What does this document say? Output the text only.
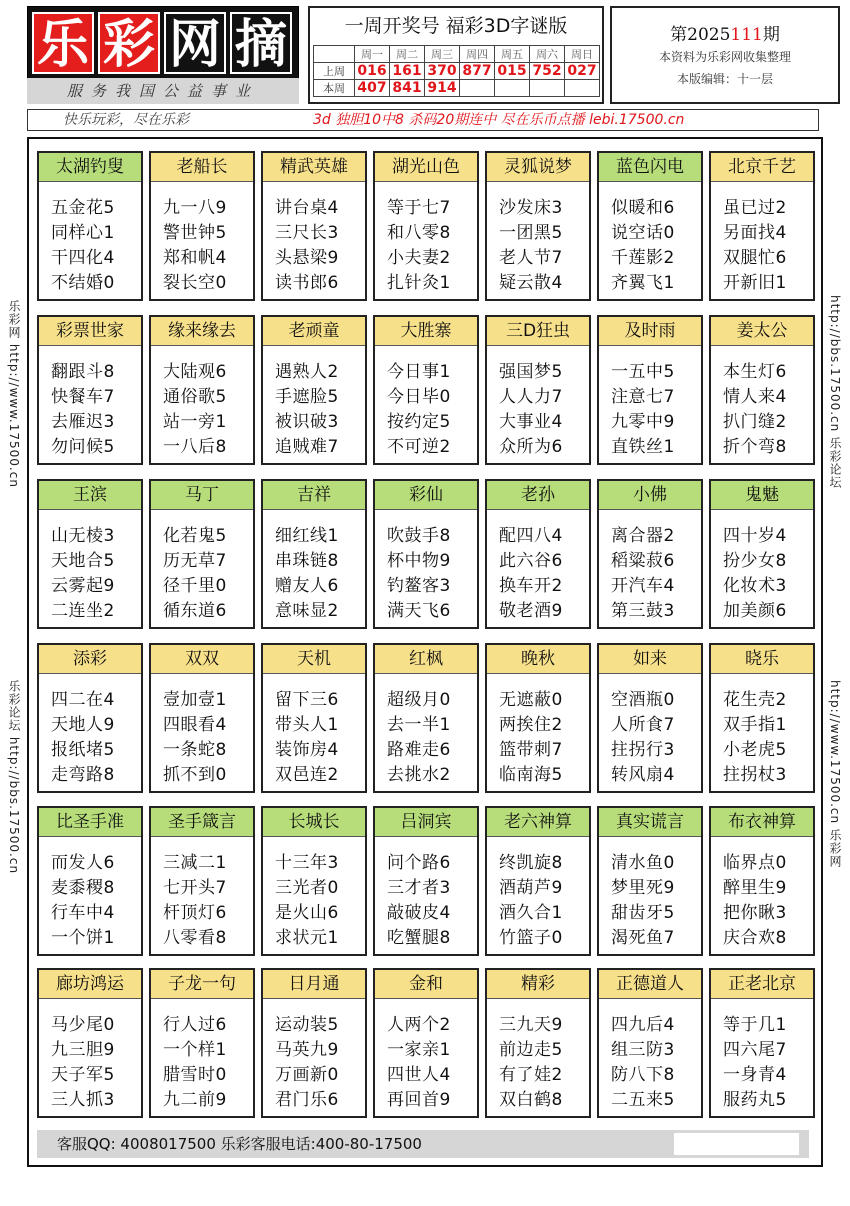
乐 彩 网 摘
服务我国公益事业
一周开奖号 福彩3D字谜版
	周一	周二	周三	周四	周五	周六	周日
上周	016	161	370	877	015	752	027
本周	407	841	914				
第2025111期
本资料为乐彩网收集整理
本版编辑：十一层
快乐玩彩，尽在乐彩	3d 独胆10中8 杀码20期连中 尽在乐币点播 lebi.17500.cn
乐彩网 http://www.17500.cn
乐彩论坛 http://bbs.17500.cn
http://bbs.17500.cn 乐彩论坛
http://www.17500.cn 乐彩网
太湖钓叟
五金花5
同样心1
干四化4
不结婚0
老船长
九一八9
警世钟5
郑和帆4
裂长空0
精武英雄
讲台桌4
三尺长3
头悬梁9
读书郎6
湖光山色
等于七7
和八零8
小夫妻2
扎针灸1
灵狐说梦
沙发床3
一团黑5
老人节7
疑云散4
蓝色闪电
似暖和6
说空话0
千莲影2
齐翼飞1
北京千艺
虽已过2
另面找4
双腿忙6
开新旧1
彩票世家
翻跟斗8
快餐车7
去雁迟3
勿问候5
缘来缘去
大陆观6
通俗歌5
站一旁1
一八后8
老顽童
遇熟人2
手遮脸5
被识破3
追贼难7
大胜寨
今日事1
今日毕0
按约定5
不可逆2
三D狂虫
强国梦5
人人力7
大事业4
众所为6
及时雨
一五中5
注意七7
九零中9
直铁丝1
姜太公
本生灯6
情人来4
扒门缝2
折个弯8
王滨
山无棱3
天地合5
云雾起9
二连坐2
马丁
化若鬼5
历无草7
径千里0
循东道6
吉祥
细红线1
串珠链8
赠友人6
意味显2
彩仙
吹鼓手8
杯中物9
钓鳌客3
满天飞6
老孙
配四八4
此六谷6
换车开2
敬老酒9
小佛
离合器2
稻粱菽6
开汽车4
第三鼓3
鬼魅
四十岁4
扮少女8
化妆术3
加美颜6
添彩
四二在4
天地人9
报纸堵5
走弯路8
双双
壹加壹1
四眼看4
一条蛇8
抓不到0
天机
留下三6
带头人1
装饰房4
双邑连2
红枫
超级月0
去一半1
路难走6
去挑水2
晚秋
无遮蔽0
两挨住2
篮带刺7
临南海5
如来
空酒瓶0
人所食7
拄拐行3
转风扇4
晓乐
花生壳2
双手指1
小老虎5
拄拐杖3
比圣手准
而发人6
麦黍稷8
行车中4
一个饼1
圣手箴言
三减二1
七开头7
杆顶灯6
八零看8
长城长
十三年3
三光者0
是火山6
求状元1
吕洞宾
问个路6
三才者3
敲破皮4
吃蟹腿8
老六神算
终凯旋8
酒葫芦9
酒久合1
竹篮子0
真实谎言
清水鱼0
梦里死9
甜齿牙5
渴死鱼7
布衣神算
临界点0
醉里生9
把你瞅3
庆合欢8
廊坊鸿运
马少尾0
九三胆9
天子军5
三人抓3
子龙一句
行人过6
一个样1
腊雪时0
九二前9
日月通
运动装5
马英九9
万画新0
君门乐6
金和
人两个2
一家亲1
四世人4
再回首9
精彩
三九天9
前边走5
有了娃2
双白鹤8
正德道人
四九后4
组三防3
防八下8
二五来5
正老北京
等于几1
四六尾7
一身青4
服药丸5
客服QQ: 4008017500 乐彩客服电话:400-80-17500
